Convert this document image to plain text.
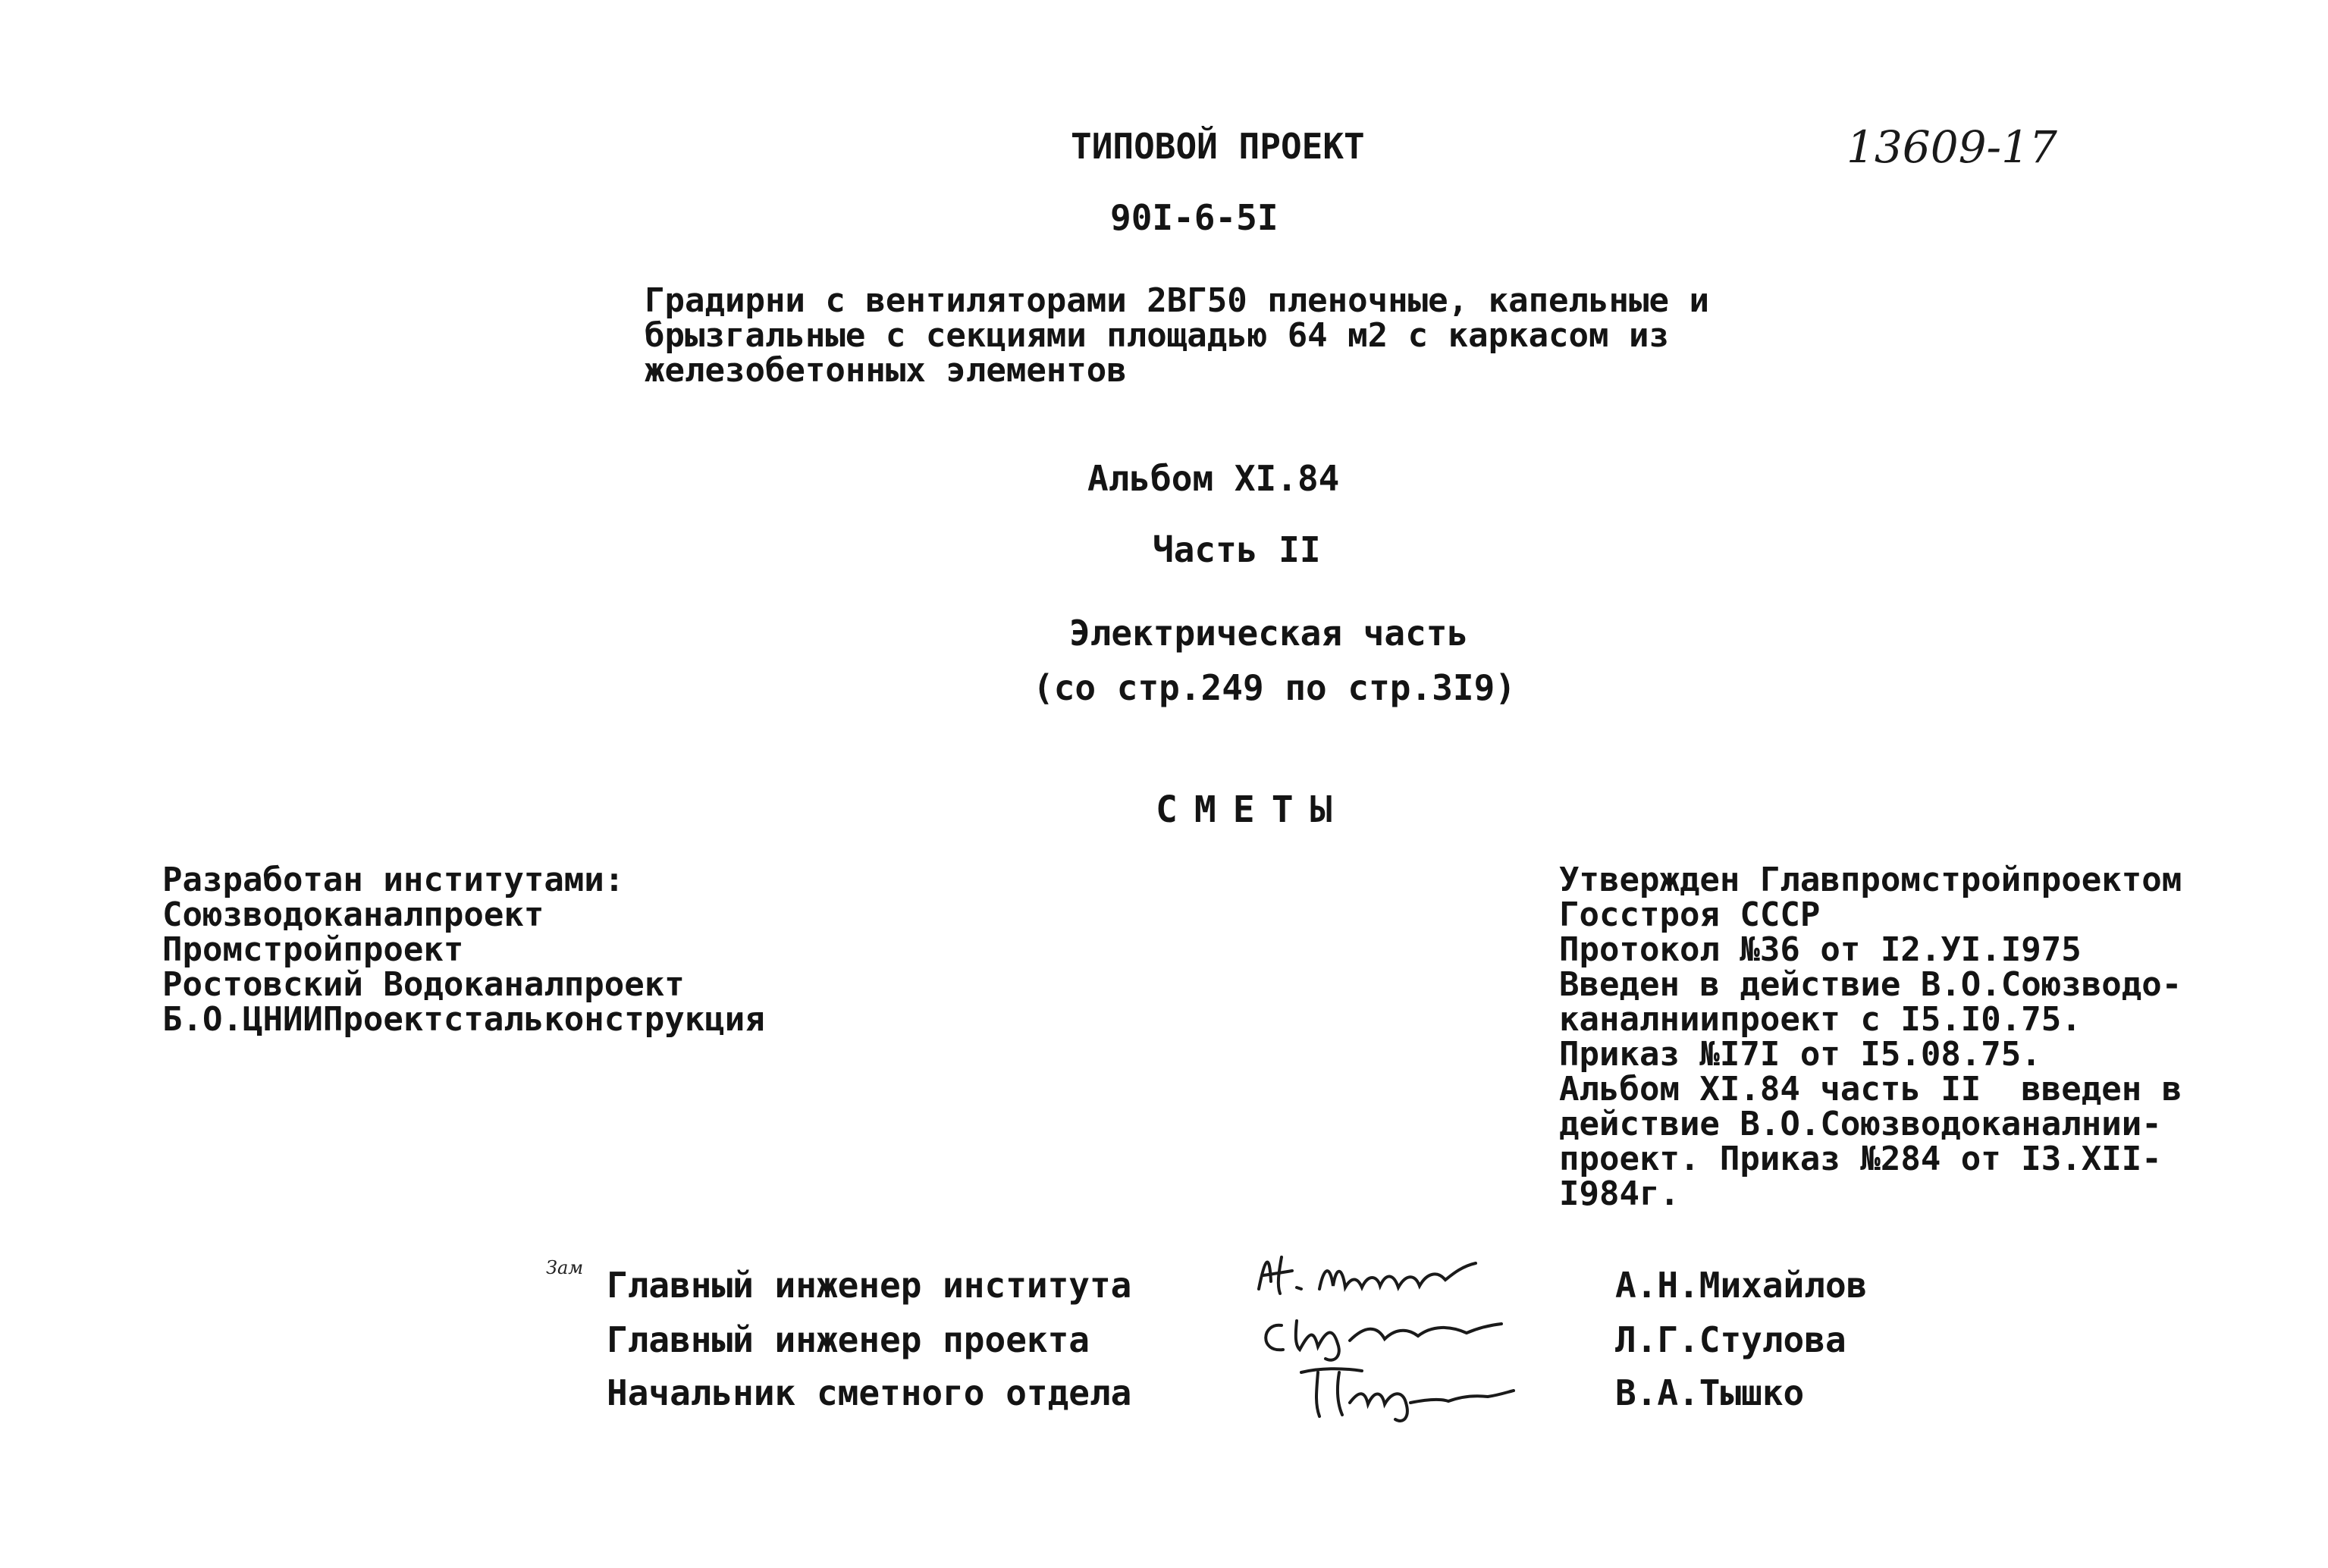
ТИПОВОЙ ПРОЕКТ	13609-17
90I-6-5I
Градирни с вентиляторами 2ВГ50 пленочные, капельные и
брызгальные с секциями площадью 64 м2 с каркасом из
железобетонных элементов
Альбом XI.84
Часть II
Электрическая часть
(со стр.249 по стр.3I9)
СМЕТЫ
Разработан институтами:
Союзводоканалпроект
Промстройпроект
Ростовский Водоканалпроект
Б.О.ЦНИИПроектстальконструкция
Утвержден Главпромстройпроектом
Госстроя СССР
Протокол №36 от I2.УI.I975
Введен в действие В.О.Союзводо-
каналниипроект с I5.I0.75.
Приказ №I7I от I5.08.75.
Альбом XI.84 часть II  введен в
действие В.О.Союзводоканалнии-
проект. Приказ №284 от I3.XII-
I984г.
Зам Главный инженер института
Главный инженер проекта
Начальник сметного отдела
А.Н.Михайлов
Л.Г.Стулова
В.А.Тышко
